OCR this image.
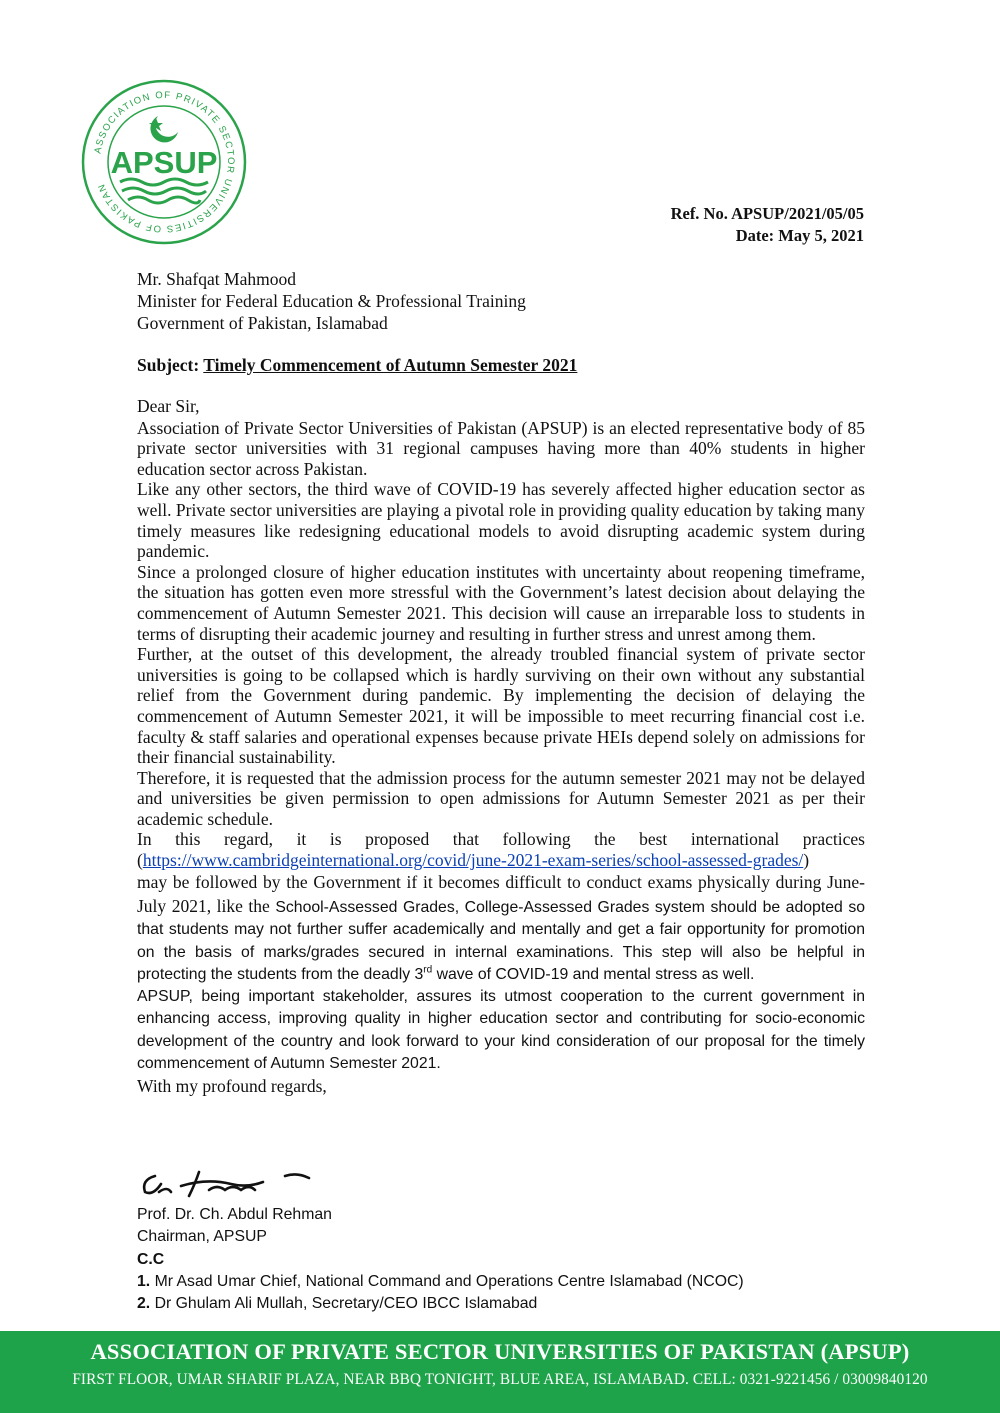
ASSOCIATION OF PRIVATE SECTOR UNIVERSITIES OF PAKISTAN
APSUP
Ref. No. APSUP/2021/05/05
Date: May 5, 2021
Mr. Shafqat Mahmood
Minister for Federal Education & Professional Training
Government of Pakistan, Islamabad
Subject: Timely Commencement of Autumn Semester 2021

Dear Sir,

Association of Private Sector Universities of Pakistan (APSUP) is an elected representative body of 85 private sector universities with 31 regional campuses having more than 40% students in higher education sector across Pakistan.

Like any other sectors, the third wave of COVID-19 has severely affected higher education sector as well. Private sector universities are playing a pivotal role in providing quality education by taking many timely measures like redesigning educational models to avoid disrupting academic system during pandemic.

Since a prolonged closure of higher education institutes with uncertainty about reopening timeframe, the situation has gotten even more stressful with the Government’s latest decision about delaying the commencement of Autumn Semester 2021. This decision will cause an irreparable loss to students in terms of disrupting their academic journey and resulting in further stress and unrest among them.

Further, at the outset of this development, the already troubled financial system of private sector universities is going to be collapsed which is hardly surviving on their own without any substantial relief from the Government during pandemic. By implementing the decision of delaying the commencement of Autumn Semester 2021, it will be impossible to meet recurring financial cost i.e. faculty & staff salaries and operational expenses because private HEIs depend solely on admissions for their financial sustainability.

Therefore, it is requested that the admission process for the autumn semester 2021 may not be delayed and universities be given permission to open admissions for Autumn Semester 2021 as per their academic schedule.

In this regard, it is proposed that following the best international practices

(https://www.cambridgeinternational.org/covid/june-2021-exam-series/school-assessed-grades/)

may be followed by the Government if it becomes difficult to conduct exams physically during June-July 2021, like the School-Assessed Grades, College-Assessed Grades system should be adopted so that students may not further suffer academically and mentally and get a fair opportunity for promotion on the basis of marks/grades secured in internal examinations. This step will also be helpful in protecting the students from the deadly 3rd wave of COVID-19 and mental stress as well.

APSUP, being important stakeholder, assures its utmost cooperation to the current government in enhancing access, improving quality in higher education sector and contributing for socio-economic development of the country and look forward to your kind consideration of our proposal for the timely commencement of Autumn Semester 2021.

With my profound regards,

Prof. Dr. Ch. Abdul Rehman
Chairman, APSUP
C.C
1. Mr Asad Umar Chief, National Command and Operations Centre Islamabad (NCOC)
2. Dr Ghulam Ali Mullah, Secretary/CEO IBCC Islamabad
ASSOCIATION OF PRIVATE SECTOR UNIVERSITIES OF PAKISTAN (APSUP)
FIRST FLOOR, UMAR SHARIF PLAZA, NEAR BBQ TONIGHT, BLUE AREA, ISLAMABAD. CELL: 0321-9221456 / 03009840120
